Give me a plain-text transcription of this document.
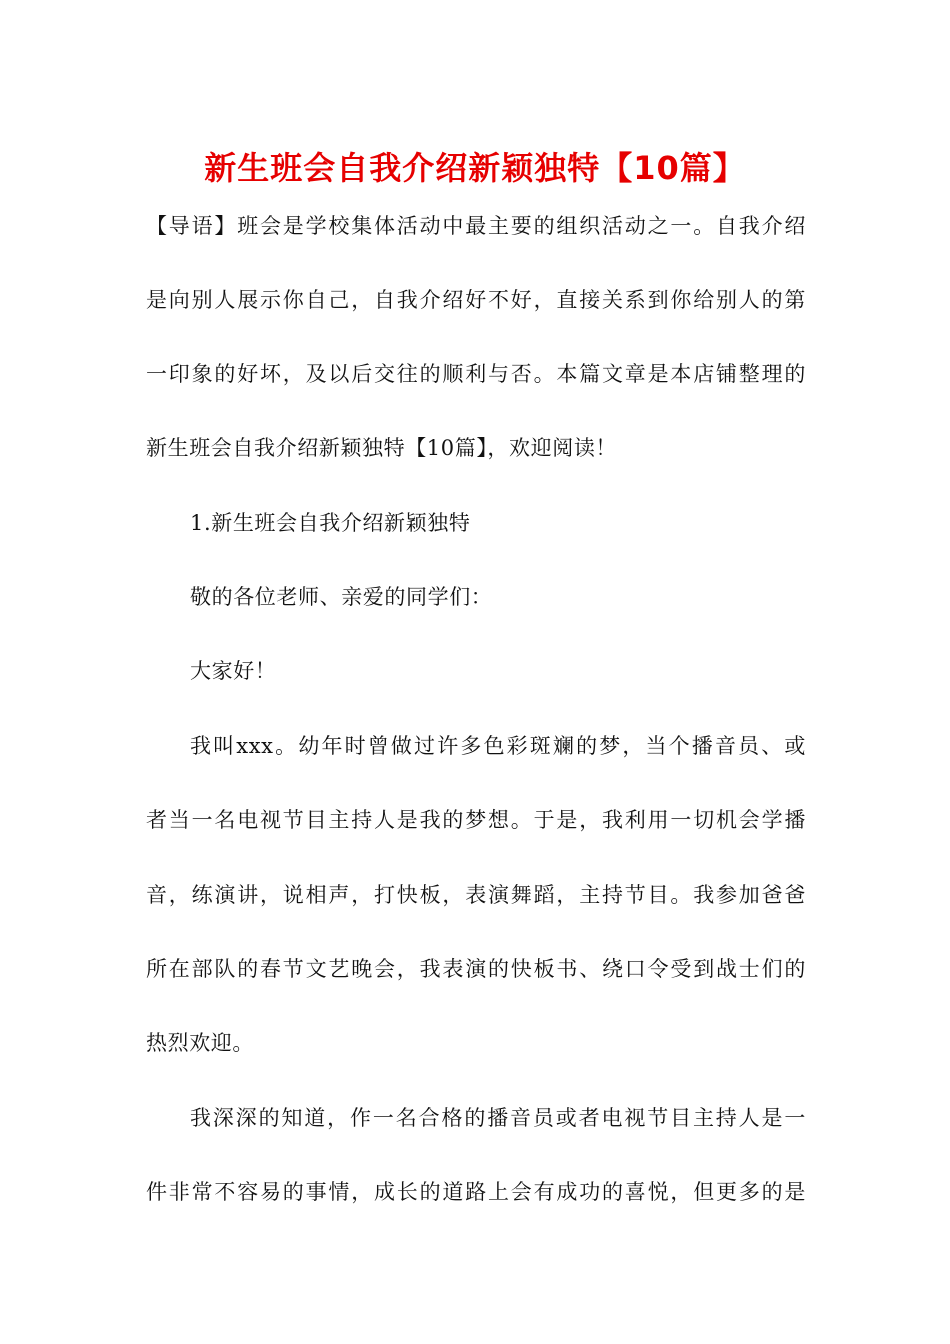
新生班会自我介绍新颖独特【10篇】
【导语】班会是学校集体活动中最主要的组织活动之一。自我介绍
是向别人展示你自己，自我介绍好不好，直接关系到你给别人的第
一印象的好坏，及以后交往的顺利与否。本篇文章是本店铺整理的
新生班会自我介绍新颖独特【10篇】，欢迎阅读！
1.新生班会自我介绍新颖独特
敬的各位老师、亲爱的同学们：
大家好！
我叫xxx。幼年时曾做过许多色彩斑斓的梦，当个播音员、或
者当一名电视节目主持人是我的梦想。于是，我利用一切机会学播
音，练演讲，说相声，打快板，表演舞蹈，主持节目。我参加爸爸
所在部队的春节文艺晚会，我表演的快板书、绕口令受到战士们的
热烈欢迎。
我深深的知道，作一名合格的播音员或者电视节目主持人是一
件非常不容易的事情，成长的道路上会有成功的喜悦，但更多的是
